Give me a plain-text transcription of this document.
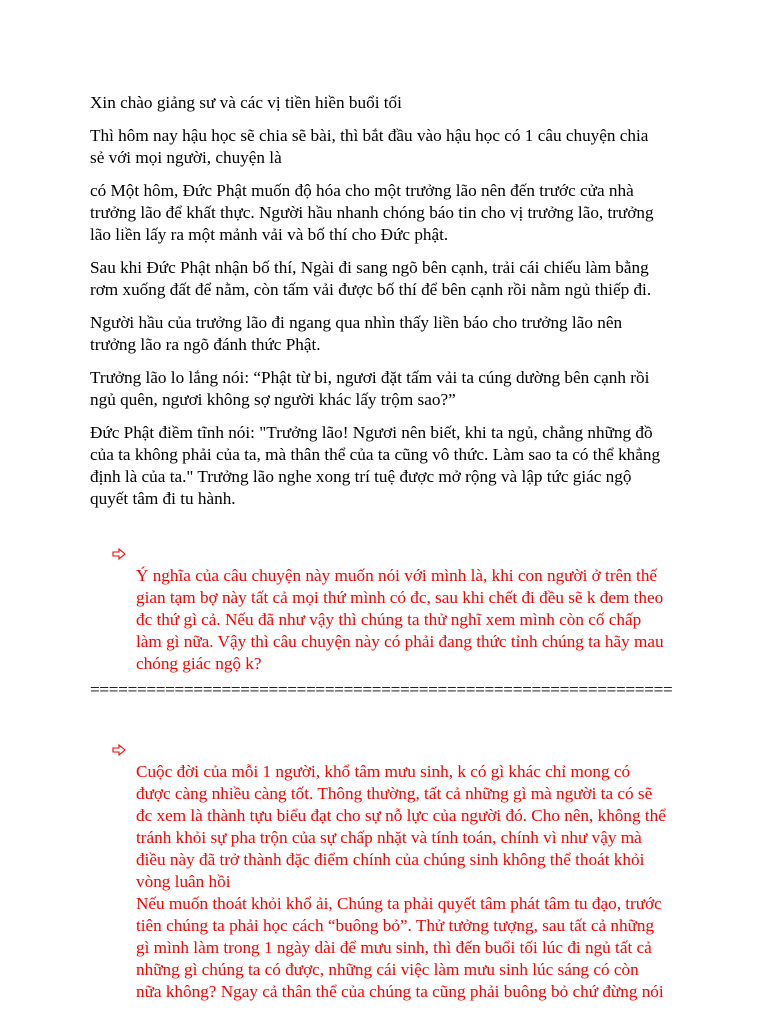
Xin chào giảng sư và các vị tiền hiền buổi tối

Thì hôm nay hậu học sẽ chia sẽ bài, thì bắt đầu vào hậu học có 1 câu chuyện chia
sẻ với mọi người, chuyện là

có Một hôm, Đức Phật muốn độ hóa cho một trưởng lão nên đến trước cửa nhà
trưởng lão để khất thực. Người hầu nhanh chóng báo tin cho vị trưởng lão, trưởng
lão liền lấy ra một mảnh vải và bố thí cho Đức phật.

Sau khi Đức Phật nhận bố thí, Ngài đi sang ngõ bên cạnh, trải cái chiếu làm bằng
rơm xuống đất để nằm, còn tấm vải được bố thí để bên cạnh rồi nằm ngủ thiếp đi.

Người hầu của trưởng lão đi ngang qua nhìn thấy liền báo cho trưởng lão nên
trưởng lão ra ngõ đánh thức Phật.

Trưởng lão lo lắng nói: “Phật từ bi, ngươi đặt tấm vải ta cúng dường bên cạnh rồi
ngủ quên, ngươi không sợ người khác lấy trộm sao?”

Đức Phật điềm tĩnh nói: "Trưởng lão! Ngươi nên biết, khi ta ngủ, chẳng những đồ
của ta không phải của ta, mà thân thể của ta cũng vô thức. Làm sao ta có thể khẳng
định là của ta." Trưởng lão nghe xong trí tuệ được mở rộng và lập tức giác ngộ
quyết tâm đi tu hành.

Ý nghĩa của câu chuyện này muốn nói với mình là, khi con người ở trên thế
gian tạm bợ này tất cả mọi thứ mình có đc, sau khi chết đi đều sẽ k đem theo
đc thứ gì cả. Nếu đã như vậy thì chúng ta thử nghĩ xem mình còn cố chấp
làm gì nữa. Vậy thì câu chuyện này có phải đang thức tỉnh chúng ta hãy mau
chóng giác ngộ k?

==============================================================

Cuộc đời của mỗi 1 người, khổ tâm mưu sinh, k có gì khác chỉ mong có
được càng nhiều càng tốt. Thông thường, tất cả những gì mà người ta có sẽ
đc xem là thành tựu biểu đạt cho sự nỗ lực của người đó. Cho nên, không thể
tránh khỏi sự pha trộn của sự chấp nhặt và tính toán, chính vì như vậy mà
điều này đã trở thành đặc điểm chính của chúng sinh không thể thoát khỏi
vòng luân hồi
Nếu muốn thoát khỏi khổ ải, Chúng ta phải quyết tâm phát tâm tu đạo, trước
tiên chúng ta phải học cách “buông bỏ”. Thử tưởng tượng, sau tất cả những
gì mình làm trong 1 ngày dài để mưu sinh, thì đến buổi tối lúc đi ngủ tất cả
những gì chúng ta có được, những cái việc làm mưu sinh lúc sáng có còn
nữa không? Ngay cả thân thể của chúng ta cũng phải buông bỏ chứ đừng nói
